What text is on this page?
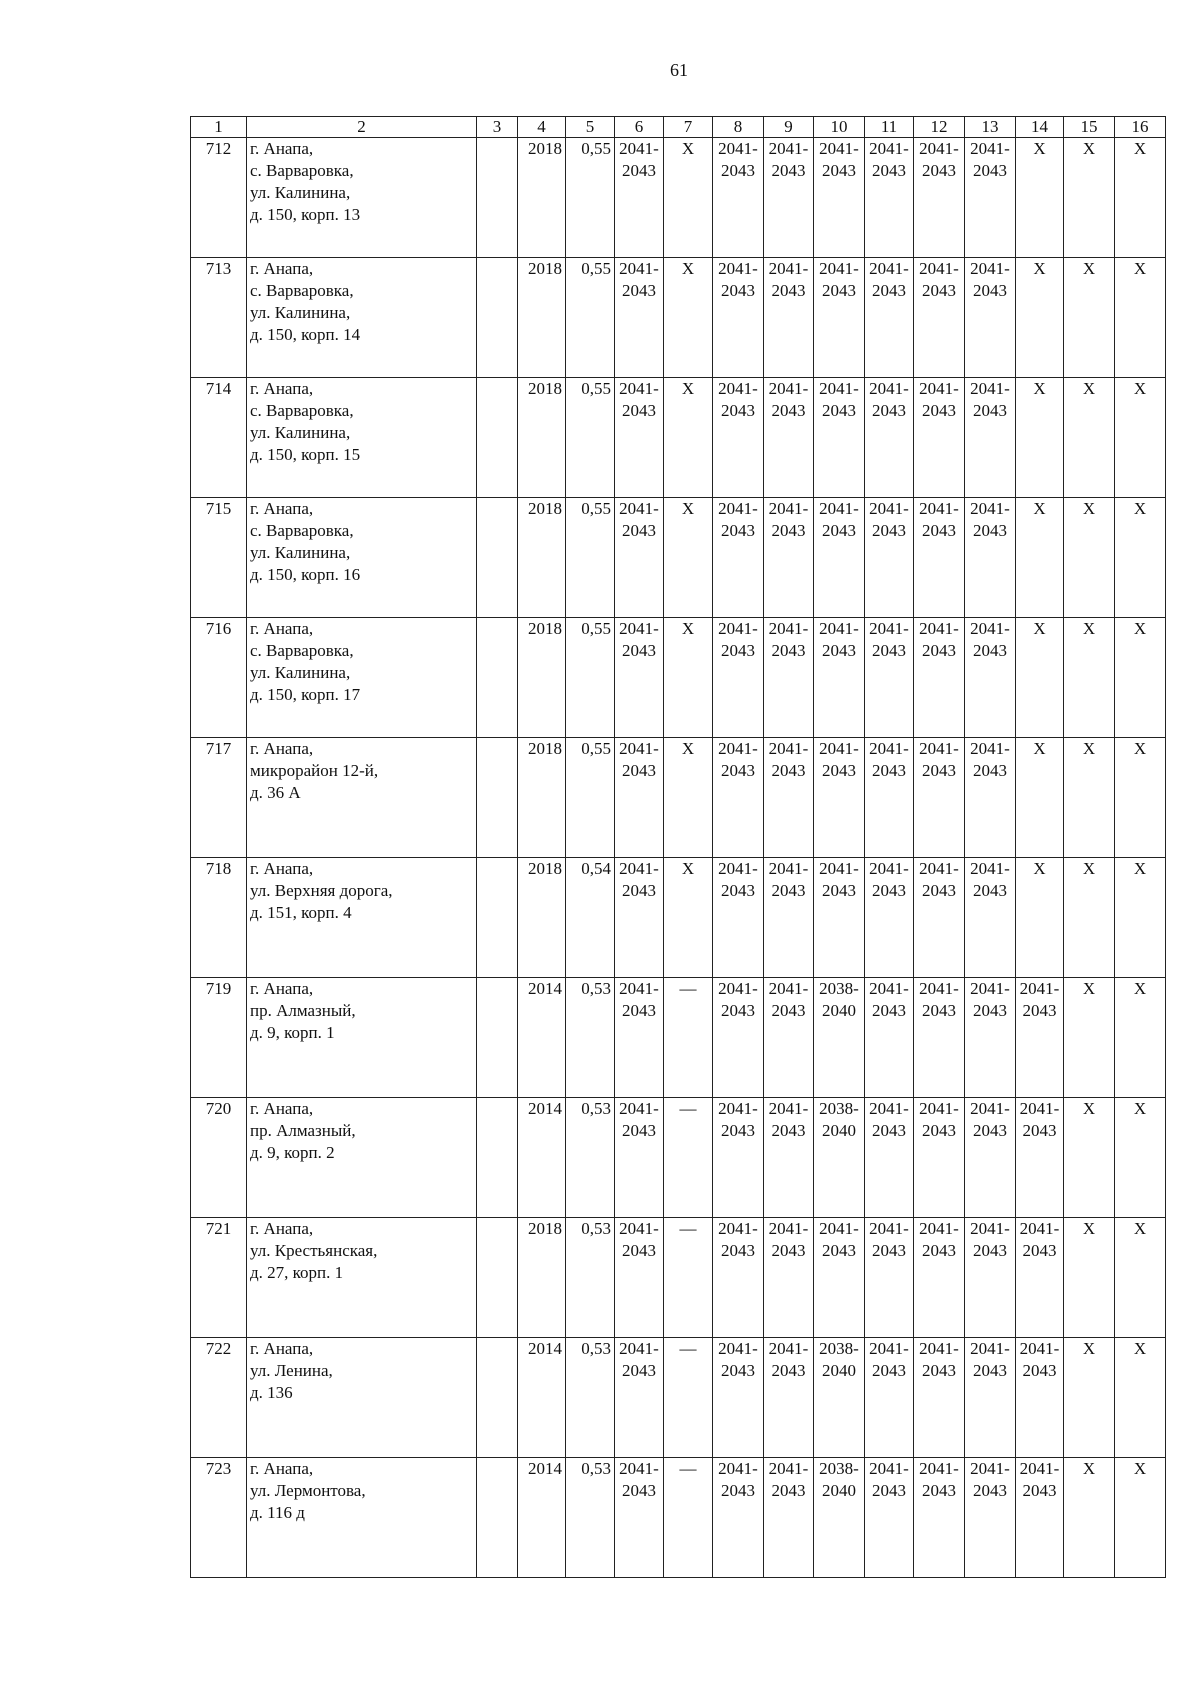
61
1	2	3	4	5	6	7	8	9	10	11	12	13	14	15	16
712	г. Анапа,
с. Варваровка,
ул. Калинина,
д. 150, корп. 13		2018	0,55	2041-
2043	X	2041-
2043	2041-
2043	2041-
2043	2041-
2043	2041-
2043	2041-
2043	X	X	X
713	г. Анапа,
с. Варваровка,
ул. Калинина,
д. 150, корп. 14		2018	0,55	2041-
2043	X	2041-
2043	2041-
2043	2041-
2043	2041-
2043	2041-
2043	2041-
2043	X	X	X
714	г. Анапа,
с. Варваровка,
ул. Калинина,
д. 150, корп. 15		2018	0,55	2041-
2043	X	2041-
2043	2041-
2043	2041-
2043	2041-
2043	2041-
2043	2041-
2043	X	X	X
715	г. Анапа,
с. Варваровка,
ул. Калинина,
д. 150, корп. 16		2018	0,55	2041-
2043	X	2041-
2043	2041-
2043	2041-
2043	2041-
2043	2041-
2043	2041-
2043	X	X	X
716	г. Анапа,
с. Варваровка,
ул. Калинина,
д. 150, корп. 17		2018	0,55	2041-
2043	X	2041-
2043	2041-
2043	2041-
2043	2041-
2043	2041-
2043	2041-
2043	X	X	X
717	г. Анапа,
микрорайон 12-й,
д. 36 А		2018	0,55	2041-
2043	X	2041-
2043	2041-
2043	2041-
2043	2041-
2043	2041-
2043	2041-
2043	X	X	X
718	г. Анапа,
ул. Верхняя дорога,
д. 151, корп. 4		2018	0,54	2041-
2043	X	2041-
2043	2041-
2043	2041-
2043	2041-
2043	2041-
2043	2041-
2043	X	X	X
719	г. Анапа,
пр. Алмазный,
д. 9, корп. 1		2014	0,53	2041-
2043	—	2041-
2043	2041-
2043	2038-
2040	2041-
2043	2041-
2043	2041-
2043	2041-
2043	X	X
720	г. Анапа,
пр. Алмазный,
д. 9, корп. 2		2014	0,53	2041-
2043	—	2041-
2043	2041-
2043	2038-
2040	2041-
2043	2041-
2043	2041-
2043	2041-
2043	X	X
721	г. Анапа,
ул. Крестьянская,
д. 27, корп. 1		2018	0,53	2041-
2043	—	2041-
2043	2041-
2043	2041-
2043	2041-
2043	2041-
2043	2041-
2043	2041-
2043	X	X
722	г. Анапа,
ул. Ленина,
д. 136		2014	0,53	2041-
2043	—	2041-
2043	2041-
2043	2038-
2040	2041-
2043	2041-
2043	2041-
2043	2041-
2043	X	X
723	г. Анапа,
ул. Лермонтова,
д. 116 д		2014	0,53	2041-
2043	—	2041-
2043	2041-
2043	2038-
2040	2041-
2043	2041-
2043	2041-
2043	2041-
2043	X	X
